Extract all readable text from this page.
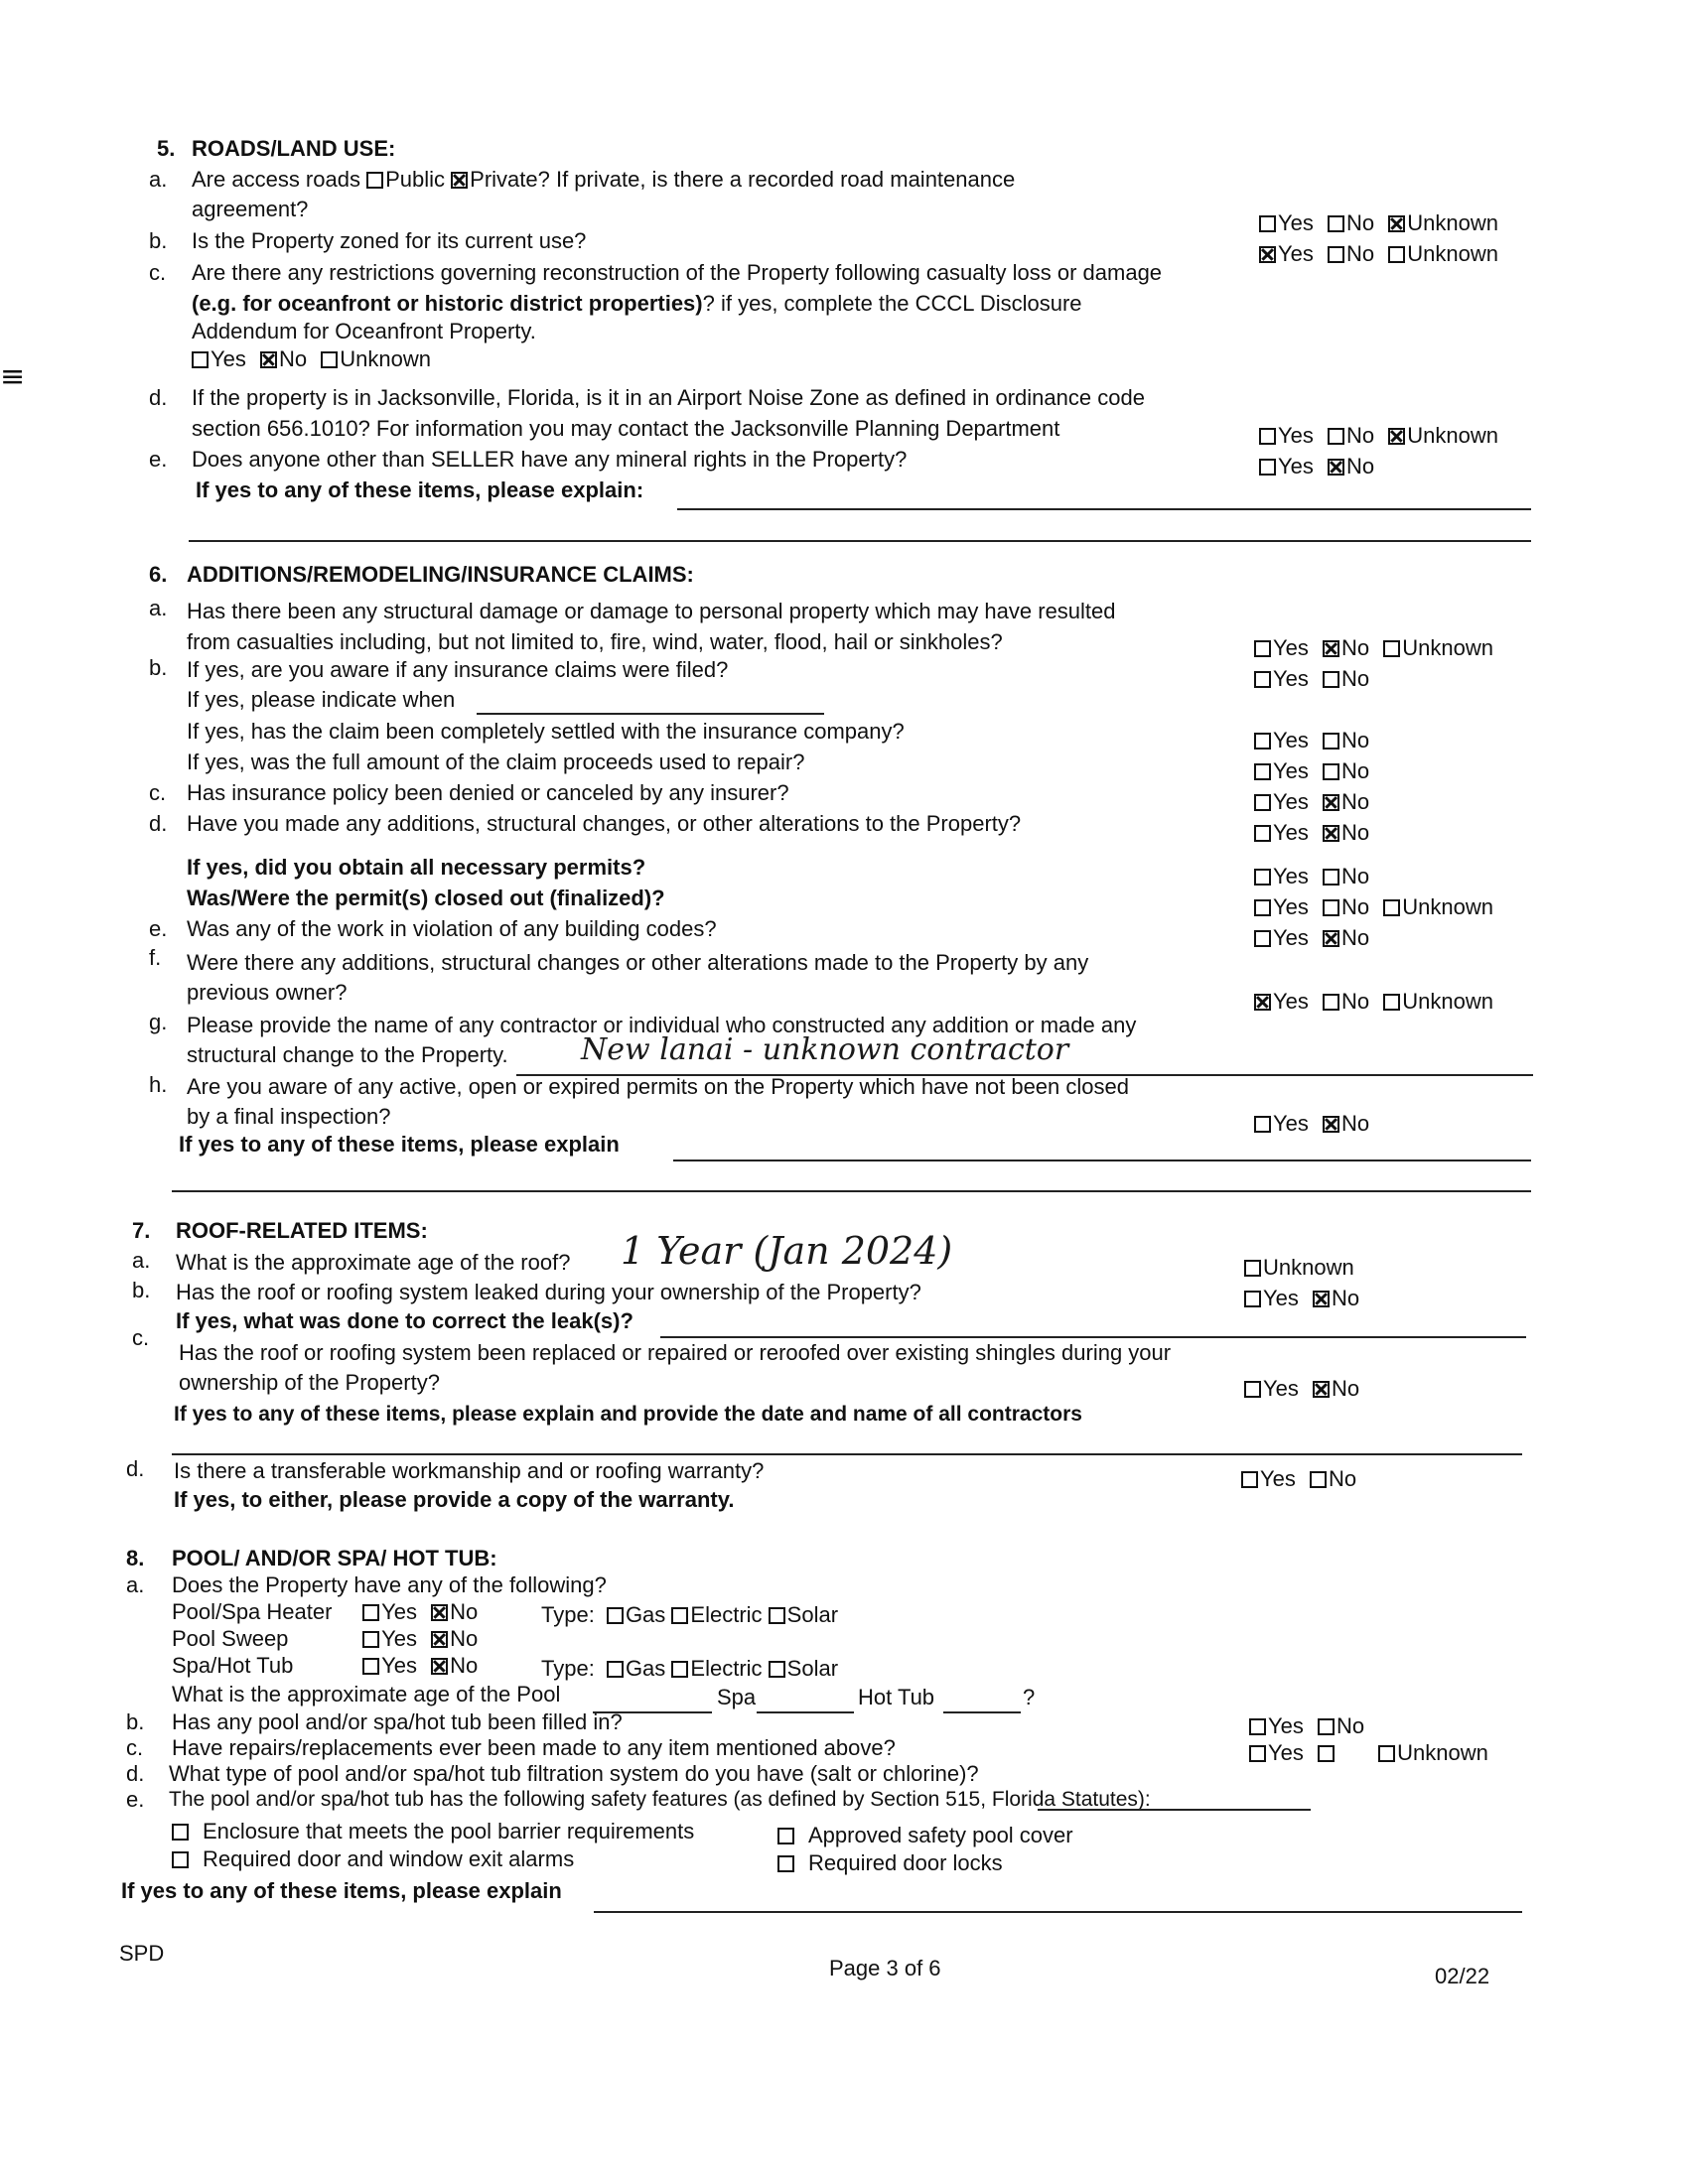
5. ROADS/LAND USE:
a. Are access roads Public Private? If private, is there a recorded road maintenance
agreement?
Yes No Unknown
b. Is the Property zoned for its current use?
Yes No Unknown
c. Are there any restrictions governing reconstruction of the Property following casualty loss or damage
(e.g. for oceanfront or historic district properties)? if yes, complete the CCCL Disclosure
Addendum for Oceanfront Property.
Yes No Unknown
d. If the property is in Jacksonville, Florida, is it in an Airport Noise Zone as defined in ordinance code
section 656.1010? For information you may contact the Jacksonville Planning Department	Yes No Unknown
e. Does anyone other than SELLER have any mineral rights in the Property?	Yes No
If yes to any of these items, please explain:
6. ADDITIONS/REMODELING/INSURANCE CLAIMS:
a. Has there been any structural damage or damage to personal property which may have resulted
from casualties including, but not limited to, fire, wind, water, flood, hail or sinkholes?	Yes No Unknown
b. If yes, are you aware if any insurance claims were filed?	Yes No
If yes, please indicate when
If yes, has the claim been completely settled with the insurance company?	Yes No
If yes, was the full amount of the claim proceeds used to repair?	Yes No
c. Has insurance policy been denied or canceled by any insurer?	Yes No
d. Have you made any additions, structural changes, or other alterations to the Property?	Yes No
If yes, did you obtain all necessary permits?	Yes No
Was/Were the permit(s) closed out (finalized)?	Yes No Unknown
e. Was any of the work in violation of any building codes?	Yes No
f. Were there any additions, structural changes or other alterations made to the Property by any
previous owner?	Yes No Unknown
g. Please provide the name of any contractor or individual who constructed any addition or made any
structural change to the Property. New lanai - unknown contractor
h. Are you aware of any active, open or expired permits on the Property which have not been closed
by a final inspection?	Yes No
If yes to any of these items, please explain
7. ROOF-RELATED ITEMS:
a. What is the approximate age of the roof? 1 Year (Jan 2024)	Unknown
b. Has the roof or roofing system leaked during your ownership of the Property?	Yes No
If yes, what was done to correct the leak(s)?
c.
Has the roof or roofing system been replaced or repaired or reroofed over existing shingles during your
ownership of the Property?	Yes No
If yes to any of these items, please explain and provide the date and name of all contractors
d. Is there a transferable workmanship and or roofing warranty?	Yes No
If yes, to either, please provide a copy of the warranty.
8. POOL/ AND/OR SPA/ HOT TUB:
a. Does the Property have any of the following?
Pool/Spa Heater Yes No	Type: Gas Electric Solar
Pool Sweep	Yes No
Spa/Hot Tub	Yes No	Type: Gas Electric Solar
What is the approximate age of the Pool	Spa	Hot Tub	?
b. Has any pool and/or spa/hot tub been filled in?	Yes No
c. Have repairs/replacements ever been made to any item mentioned above?	Yes	Unknown
d. What type of pool and/or spa/hot tub filtration system do you have (salt or chlorine)?
e. The pool and/or spa/hot tub has the following safety features (as defined by Section 515, Florida Statutes):
Enclosure that meets the pool barrier requirements	Approved safety pool cover
Required door and window exit alarms	Required door locks
If yes to any of these items, please explain
SPD
Page 3 of 6	02/22
≡
